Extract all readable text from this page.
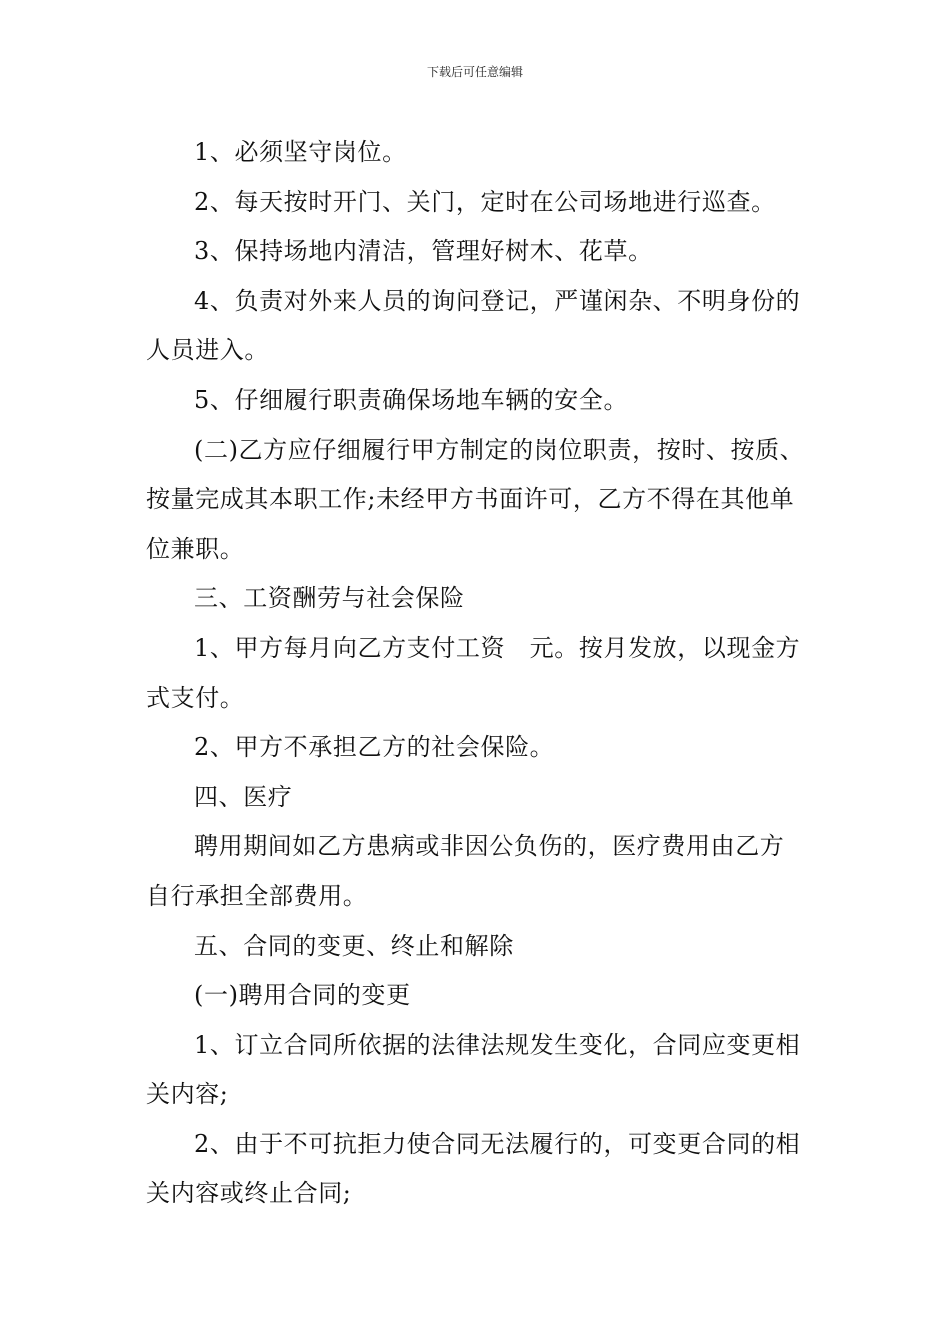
下载后可任意编辑

1、必须坚守岗位。

2、每天按时开门、关门，定时在公司场地进行巡查。

3、保持场地内清洁，管理好树木、花草。

4、负责对外来人员的询问登记，严谨闲杂、不明身份的人员进入。

5、仔细履行职责确保场地车辆的安全。

(二)乙方应仔细履行甲方制定的岗位职责，按时、按质、按量完成其本职工作;未经甲方书面许可，乙方不得在其他单位兼职。

三、工资酬劳与社会保险

1、甲方每月向乙方支付工资　元。按月发放，以现金方式支付。

2、甲方不承担乙方的社会保险。

四、医疗

聘用期间如乙方患病或非因公负伤的，医疗费用由乙方自行承担全部费用。

五、合同的变更、终止和解除

(一)聘用合同的变更

1、订立合同所依据的法律法规发生变化，合同应变更相关内容;

2、由于不可抗拒力使合同无法履行的，可变更合同的相关内容或终止合同;
